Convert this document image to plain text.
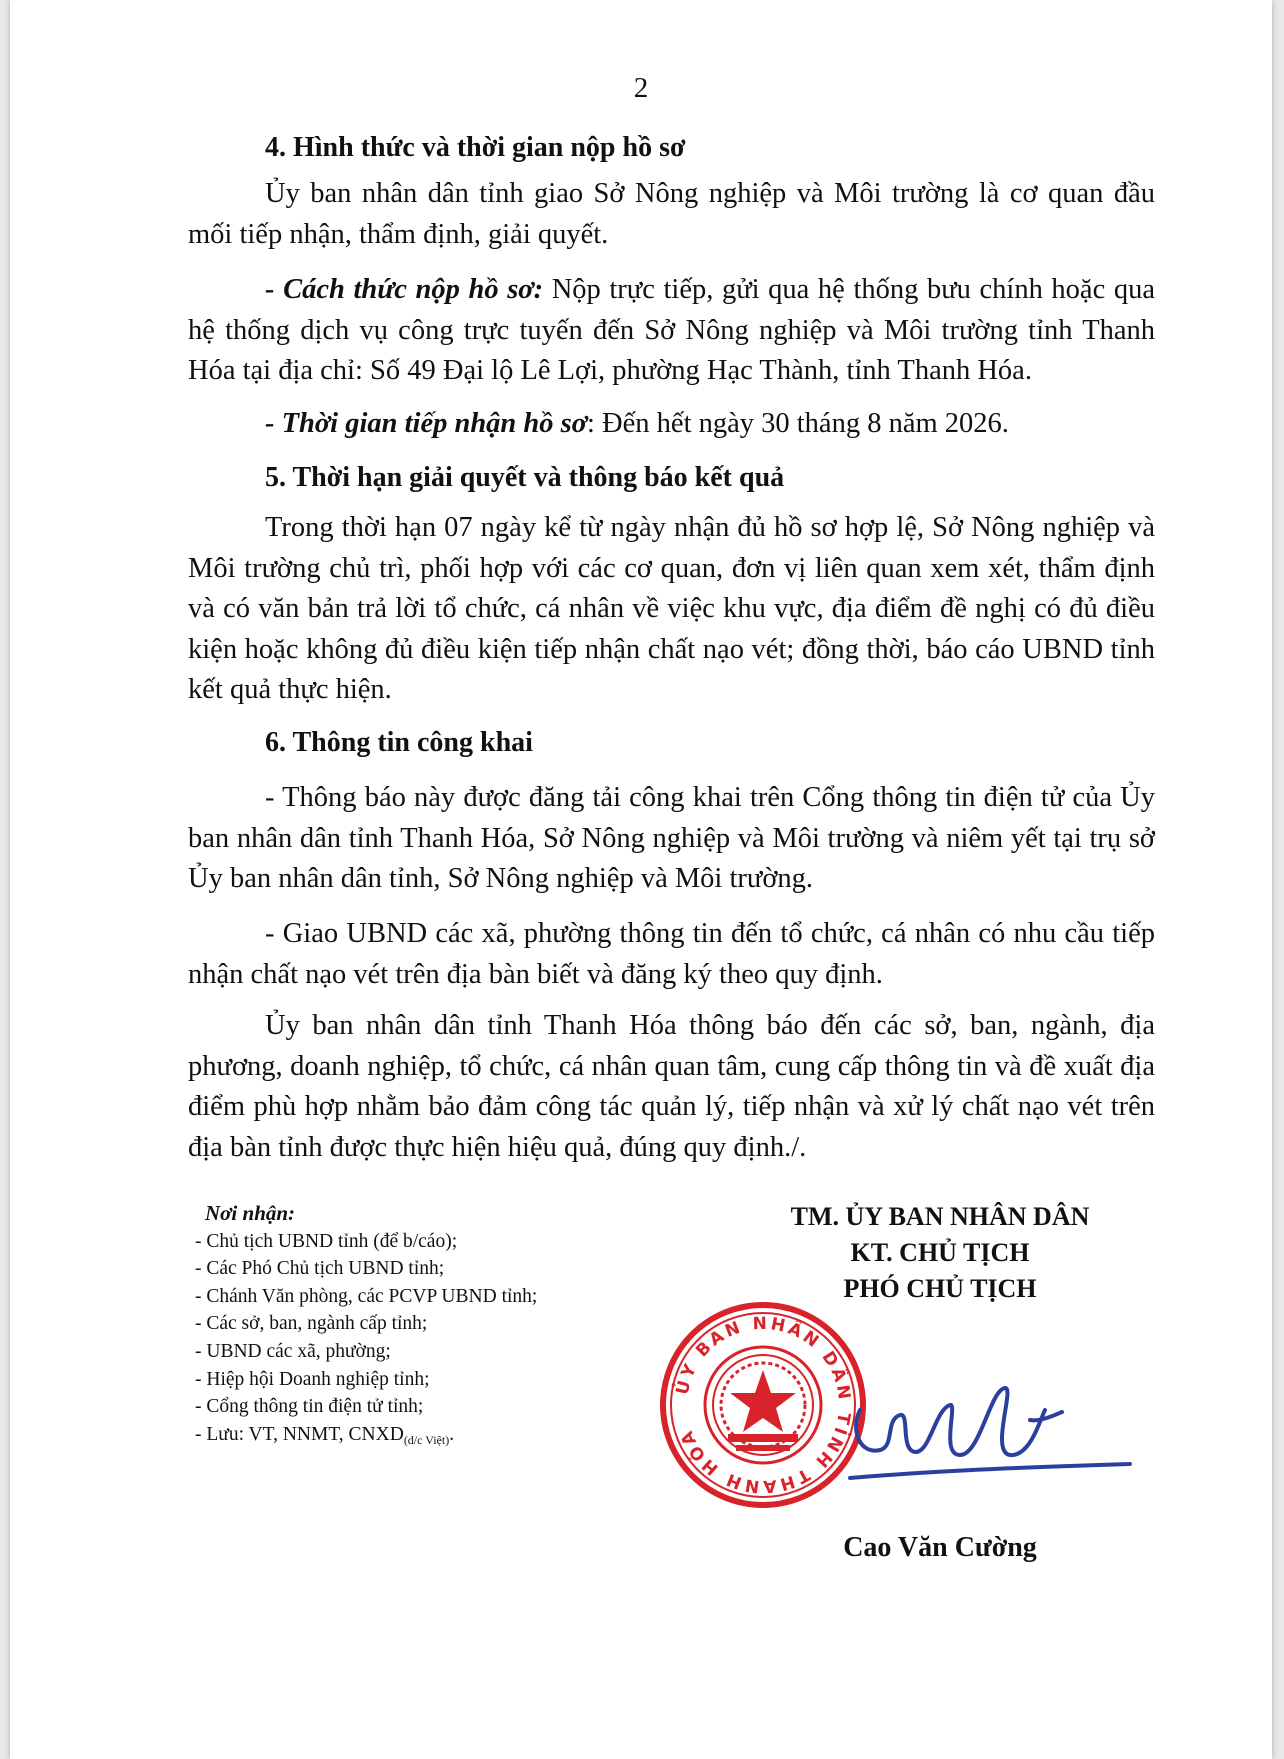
2
4. Hình thức và thời gian nộp hồ sơ

Ủy ban nhân dân tỉnh giao Sở Nông nghiệp và Môi trường là cơ quan đầu mối tiếp nhận, thẩm định, giải quyết.

- Cách thức nộp hồ sơ: Nộp trực tiếp, gửi qua hệ thống bưu chính hoặc qua hệ thống dịch vụ công trực tuyến đến Sở Nông nghiệp và Môi trường tỉnh Thanh Hóa tại địa chỉ: Số 49 Đại lộ Lê Lợi, phường Hạc Thành, tỉnh Thanh Hóa.

- Thời gian tiếp nhận hồ sơ: Đến hết ngày 30 tháng 8 năm 2026.

5. Thời hạn giải quyết và thông báo kết quả

Trong thời hạn 07 ngày kể từ ngày nhận đủ hồ sơ hợp lệ, Sở Nông nghiệp và Môi trường chủ trì, phối hợp với các cơ quan, đơn vị liên quan xem xét, thẩm định và có văn bản trả lời tổ chức, cá nhân về việc khu vực, địa điểm đề nghị có đủ điều kiện hoặc không đủ điều kiện tiếp nhận chất nạo vét; đồng thời, báo cáo UBND tỉnh kết quả thực hiện.

6. Thông tin công khai

- Thông báo này được đăng tải công khai trên Cổng thông tin điện tử của Ủy ban nhân dân tỉnh Thanh Hóa, Sở Nông nghiệp và Môi trường và niêm yết tại trụ sở Ủy ban nhân dân tỉnh, Sở Nông nghiệp và Môi trường.

- Giao UBND các xã, phường thông tin đến tổ chức, cá nhân có nhu cầu tiếp nhận chất nạo vét trên địa bàn biết và đăng ký theo quy định.

Ủy ban nhân dân tỉnh Thanh Hóa thông báo đến các sở, ban, ngành, địa phương, doanh nghiệp, tổ chức, cá nhân quan tâm, cung cấp thông tin và đề xuất địa điểm phù hợp nhằm bảo đảm công tác quản lý, tiếp nhận và xử lý chất nạo vét trên địa bàn tỉnh được thực hiện hiệu quả, đúng quy định./.

Nơi nhận:
- Chủ tịch UBND tỉnh (để b/cáo);
- Các Phó Chủ tịch UBND tỉnh;
- Chánh Văn phòng, các PCVP UBND tỉnh;
- Các sở, ban, ngành cấp tỉnh;
- UBND các xã, phường;
- Hiệp hội Doanh nghiệp tỉnh;
- Cổng thông tin điện tử tỉnh;
- Lưu: VT, NNMT, $CNXD_{(d/c Việt)}$.
TM. ỦY BAN NHÂN DÂN
KT. CHỦ TỊCH
PHÓ CHỦ TỊCH
ỦY BAN NHÂN DÂN TỈNH THANH HÓA
Cao Văn Cường
